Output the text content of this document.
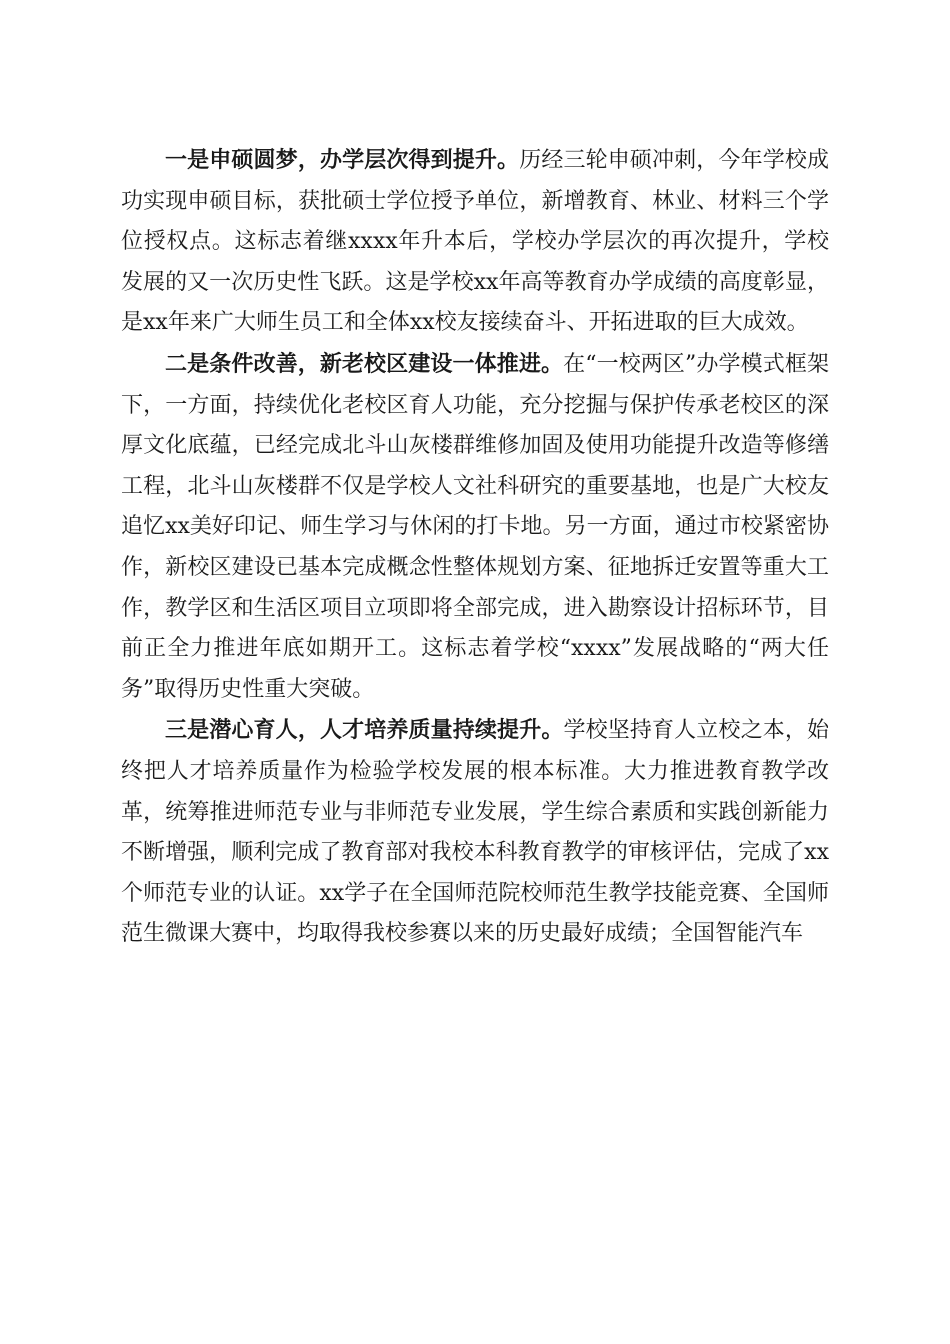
一是申硕圆梦，办学层次得到提升。历经三轮申硕冲刺，今年学校成功实现申硕目标，获批硕士学位授予单位，新增教育、林业、材料三个学位授权点。这标志着继xxxx年升本后，学校办学层次的再次提升，学校发展的又一次历史性飞跃。这是学校xx年高等教育办学成绩的高度彰显，是xx年来广大师生员工和全体xx校友接续奋斗、开拓进取的巨大成效。

二是条件改善，新老校区建设一体推进。在“一校两区”办学模式框架下，一方面，持续优化老校区育人功能，充分挖掘与保护传承老校区的深厚文化底蕴，已经完成北斗山灰楼群维修加固及使用功能提升改造等修缮工程，北斗山灰楼群不仅是学校人文社科研究的重要基地，也是广大校友追忆xx美好印记、师生学习与休闲的打卡地。另一方面，通过市校紧密协作，新校区建设已基本完成概念性整体规划方案、征地拆迁安置等重大工作，教学区和生活区项目立项即将全部完成，进入勘察设计招标环节，目前正全力推进年底如期开工。这标志着学校“xxxx”发展战略的“两大任务”取得历史性重大突破。

三是潜心育人，人才培养质量持续提升。学校坚持育人立校之本，始终把人才培养质量作为检验学校发展的根本标准。大力推进教育教学改革，统筹推进师范专业与非师范专业发展，学生综合素质和实践创新能力不断增强，顺利完成了教育部对我校本科教育教学的审核评估，完成了xx个师范专业的认证。xx学子在全国师范院校师范生教学技能竞赛、全国师范生微课大赛中，均取得我校参赛以来的历史最好成绩；全国智能汽车
